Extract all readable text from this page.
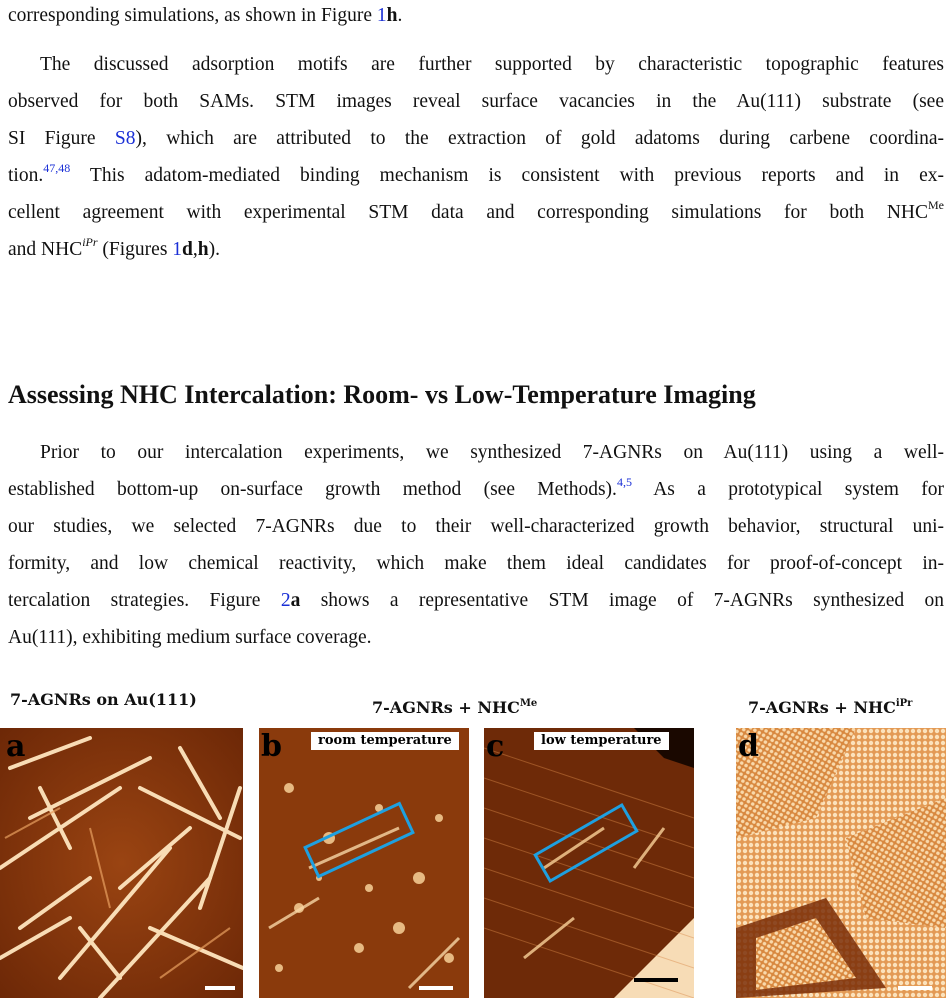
corresponding simulations, as shown in Figure 1h.
The discussed adsorption motifs are further supported by characteristic topographic features
observed for both SAMs. STM images reveal surface vacancies in the Au(111) substrate (see
SI Figure S8), which are attributed to the extraction of gold adatoms during carbene coordina-
tion.$^{47,48}$ This adatom-mediated binding mechanism is consistent with previous reports and in ex-
cellent agreement with experimental STM data and corresponding simulations for both $NHC^{Me}$
and $NHC^{iPr}$ (Figures 1d,h).
Assessing NHC Intercalation: Room- vs Low-Temperature Imaging
Prior to our intercalation experiments, we synthesized 7-AGNRs on Au(111) using a well-
established bottom-up on-surface growth method (see Methods).$^{4,5}$ As a prototypical system for
our studies, we selected 7-AGNRs due to their well-characterized growth behavior, structural uni-
formity, and low chemical reactivity, which make them ideal candidates for proof-of-concept in-
tercalation strategies. Figure 2a shows a representative STM image of 7-AGNRs synthesized on
Au(111), exhibiting medium surface coverage.
7-AGNRs on Au(111)	7-AGNRs + $NHC^{Me}$	7-AGNRs + $NHC^{iPr}$
a	b	room temperature c	low temperature	d
